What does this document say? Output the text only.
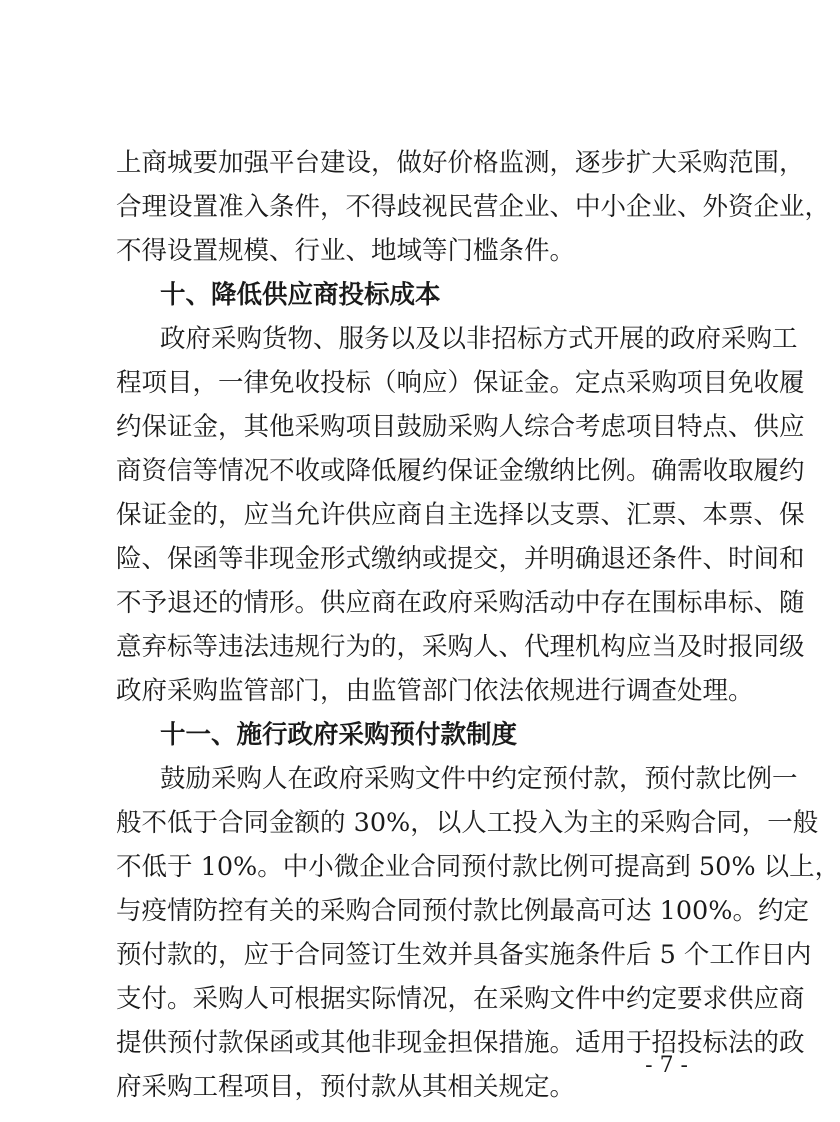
上商城要加强平台建设，做好价格监测，逐步扩大采购范围，
合理设置准入条件，不得歧视民营企业、中小企业、外资企业，
不得设置规模、行业、地域等门槛条件。
十、降低供应商投标成本
政府采购货物、服务以及以非招标方式开展的政府采购工
程项目，一律免收投标（响应）保证金。定点采购项目免收履
约保证金，其他采购项目鼓励采购人综合考虑项目特点、供应
商资信等情况不收或降低履约保证金缴纳比例。确需收取履约
保证金的，应当允许供应商自主选择以支票、汇票、本票、保
险、保函等非现金形式缴纳或提交，并明确退还条件、时间和
不予退还的情形。供应商在政府采购活动中存在围标串标、随
意弃标等违法违规行为的，采购人、代理机构应当及时报同级
政府采购监管部门，由监管部门依法依规进行调查处理。
十一、施行政府采购预付款制度
鼓励采购人在政府采购文件中约定预付款，预付款比例一
般不低于合同金额的 30%，以人工投入为主的采购合同，一般
不低于 10%。中小微企业合同预付款比例可提高到 50% 以上，
与疫情防控有关的采购合同预付款比例最高可达 100%。约定
预付款的，应于合同签订生效并具备实施条件后 5 个工作日内
支付。采购人可根据实际情况，在采购文件中约定要求供应商
提供预付款保函或其他非现金担保措施。适用于招投标法的政
府采购工程项目，预付款从其相关规定。
- 7 -
